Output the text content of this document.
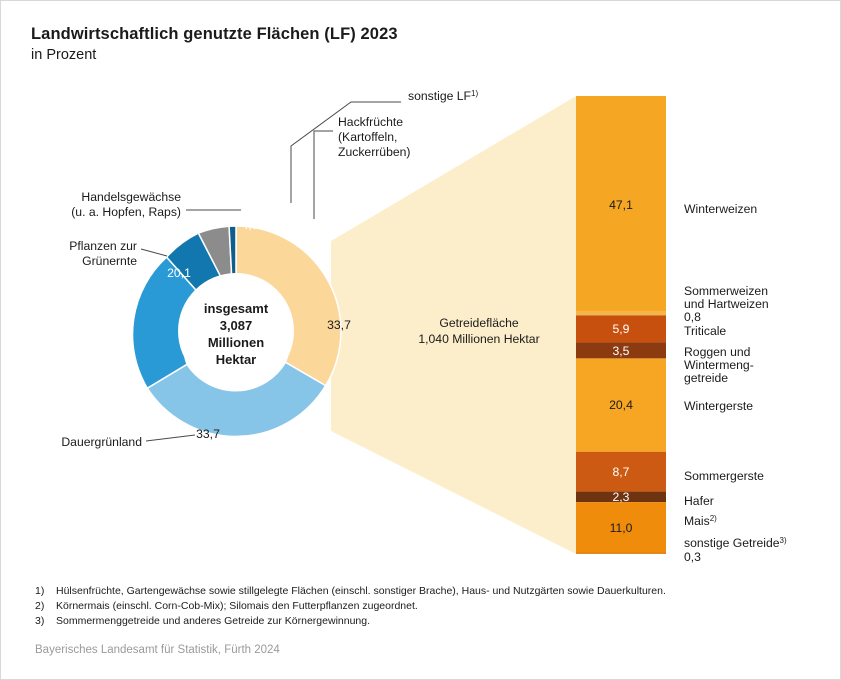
Landwirtschaftlich genutzte Flächen (LF) 2023
in Prozent
insgesamt
3,087
Millionen
Hektar
33,7
33,7
20,1
4,8
4,4
3,3
sonstige LF$^{1)}$
Hackfrüchte
(Kartoffeln,
Zuckerrüben)
Handelsgewächse
(u. a. Hopfen, Raps)
Pflanzen zur
Grünernte
Dauergrünland
Getreidefläche
1,040 Millionen Hektar
47,1
5,9
3,5
20,4
8,7
2,3
11,0
Winterweizen
Sommerweizen
und Hartweizen
0,8
Triticale
Roggen und
Wintermeng-
getreide
Wintergerste
Sommergerste
Hafer
Mais$^{2)}$
sonstige Getreide$^{3)}$
0,3
1)	Hülsenfrüchte, Gartengewächse sowie stillgelegte Flächen (einschl. sonstiger Brache), Haus- und Nutzgärten sowie Dauerkulturen.
2)	Körnermais (einschl. Corn-Cob-Mix); Silomais den Futterpflanzen zugeordnet.
3)	Sommermenggetreide und anderes Getreide zur Körnergewinnung.
Bayerisches Landesamt für Statistik, Fürth 2024
